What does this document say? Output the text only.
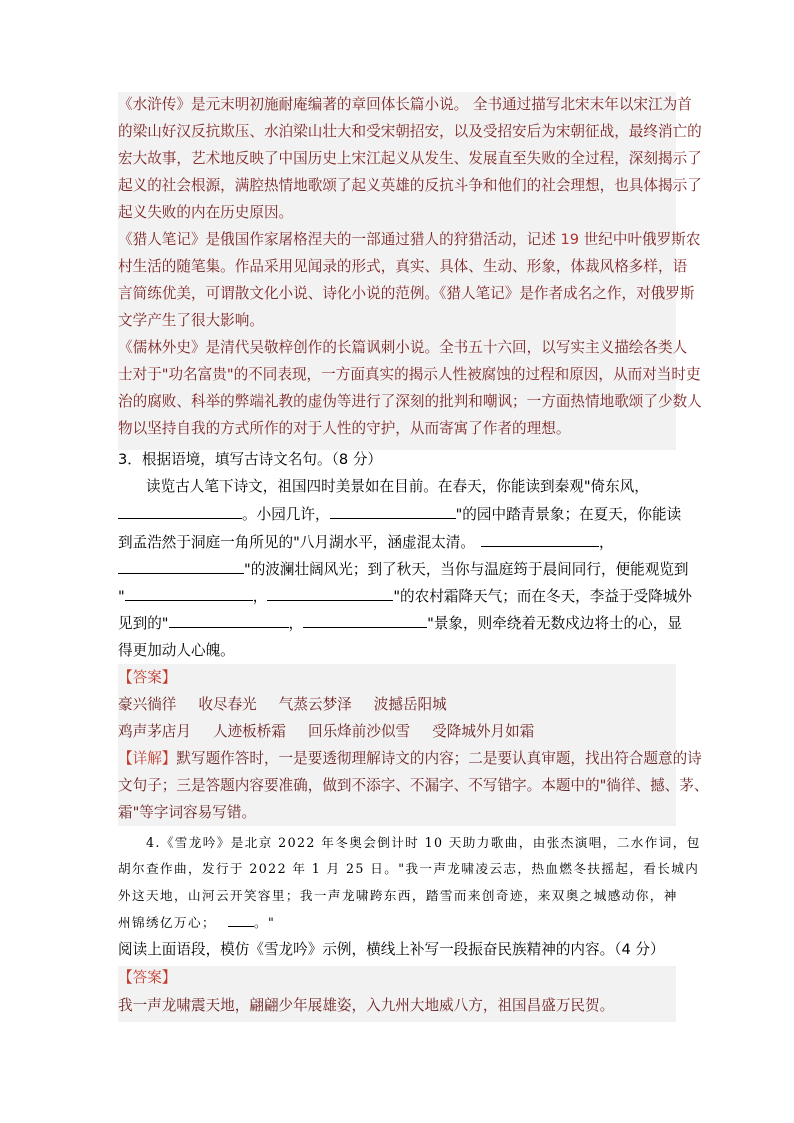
《水浒传》是元末明初施耐庵编著的章回体长篇小说。 全书通过描写北宋末年以宋江为首
的梁山好汉反抗欺压、水泊梁山壮大和受宋朝招安，以及受招安后为宋朝征战，最终消亡的
宏大故事，艺术地反映了中国历史上宋江起义从发生、发展直至失败的全过程，深刻揭示了
起义的社会根源，满腔热情地歌颂了起义英雄的反抗斗争和他们的社会理想，也具体揭示了
起义失败的内在历史原因。
《猎人笔记》是俄国作家屠格涅夫的一部通过猎人的狩猎活动，记述 19 世纪中叶俄罗斯农
村生活的随笔集。作品采用见闻录的形式，真实、具体、生动、形象，体裁风格多样，语
言简练优美，可谓散文化小说、诗化小说的范例。《猎人笔记》是作者成名之作，对俄罗斯
文学产生了很大影响。
《儒林外史》是清代吴敬梓创作的长篇讽刺小说。全书五十六回，以写实主义描绘各类人
士对于"功名富贵"的不同表现，一方面真实的揭示人性被腐蚀的过程和原因，从而对当时吏
治的腐败、科举的弊端礼教的虚伪等进行了深刻的批判和嘲讽；一方面热情地歌颂了少数人
物以坚持自我的方式所作的对于人性的守护，从而寄寓了作者的理想。
3．根据语境，填写古诗文名句。（8 分）
读览古人笔下诗文，祖国四时美景如在目前。在春天，你能读到秦观"倚东风，
。小园几许，	"的园中踏青景象；在夏天，你能读
到孟浩然于洞庭一角所见的"八月湖水平，涵虚混太清。	，
"的波澜壮阔风光；到了秋天，当你与温庭筠于晨间同行，便能观览到
"	，	"的农村霜降天气；而在冬天，李益于受降城外
见到的"	，	"景象，则牵绕着无数戍边将士的心，显
得更加动人心魄。
【答案】
豪兴徜徉 收尽春光 气蒸云梦泽 波撼岳阳城
鸡声茅店月 人迹板桥霜 回乐烽前沙似雪 受降城外月如霜
【详解】默写题作答时，一是要透彻理解诗文的内容；二是要认真审题，找出符合题意的诗
文句子；三是答题内容要准确，做到不添字、不漏字、不写错字。本题中的"徜徉、撼、茅、
霜"等字词容易写错。
4.《雪龙吟》是北京 2022 年冬奥会倒计时 10 天助力歌曲，由张杰演唱，二水作词，包
胡尔查作曲，发行于 2022 年 1 月 25 日。"我一声龙啸凌云志，热血燃冬扶摇起，看长城内
外这天地，山河云开笑容里；我一声龙啸跨东西，踏雪而来创奇迹，来双奥之城感动你，神
州锦绣亿万心；	。"
阅读上面语段，模仿《雪龙吟》示例，横线上补写一段振奋民族精神的内容。（4 分）
【答案】
我一声龙啸震天地，翩翩少年展雄姿，入九州大地威八方，祖国昌盛万民贺。
